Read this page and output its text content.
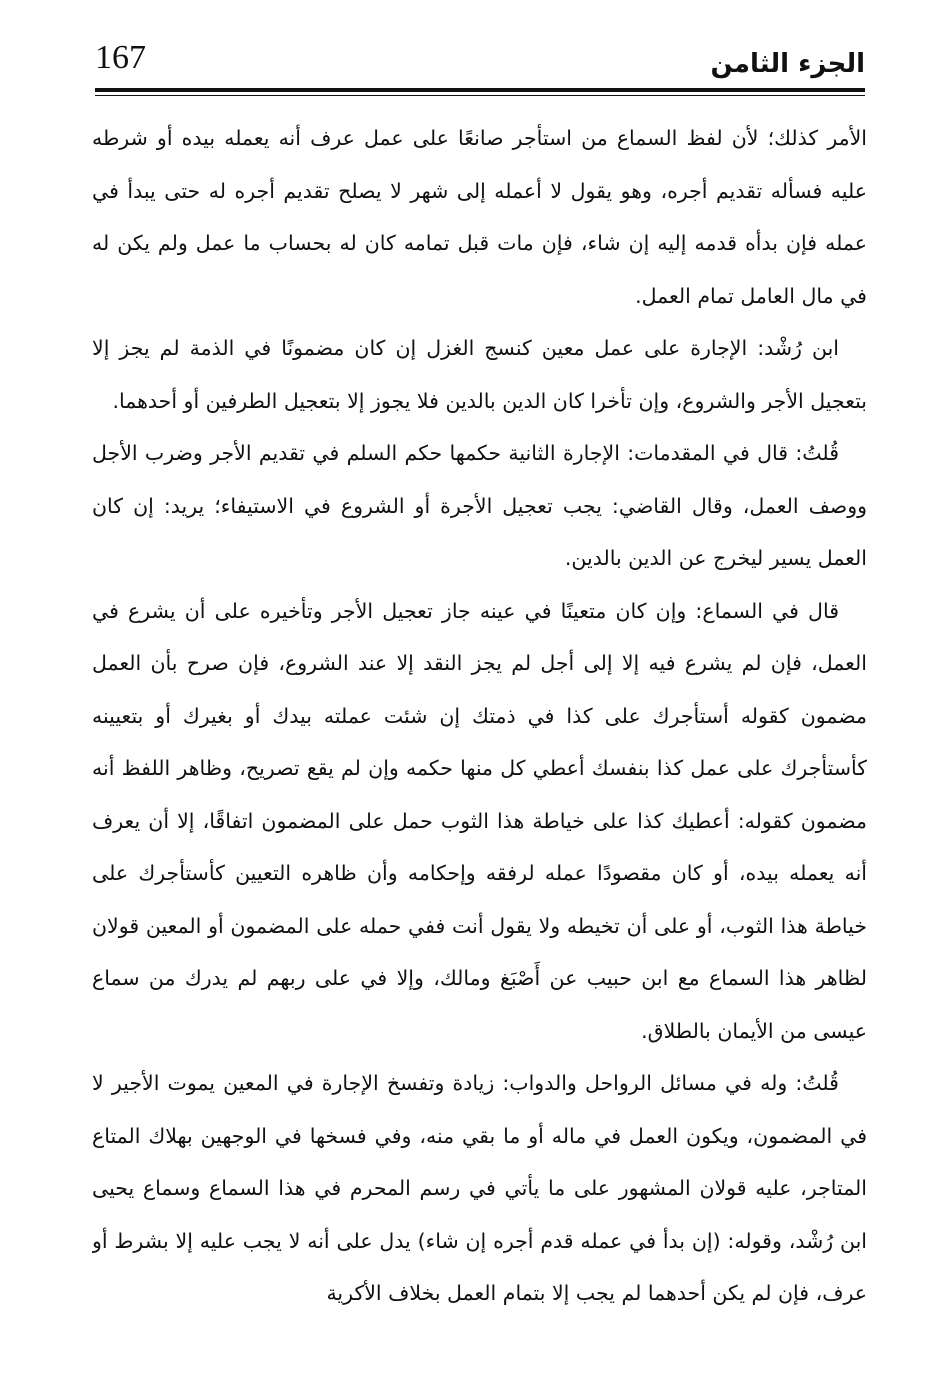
167	الجزء الثامن

الأمر كذلك؛ لأن لفظ السماع من استأجر صانعًا على عمل عرف أنه يعمله بيده أو شرطه عليه فسأله تقديم أجره، وهو يقول لا أعمله إلى شهر لا يصلح تقديم أجره له حتى يبدأ في عمله فإن بدأه قدمه إليه إن شاء، فإن مات قبل تمامه كان له بحساب ما عمل ولم يكن له في مال العامل تمام العمل.

ابن رُشْد: الإجارة على عمل معين كنسج الغزل إن كان مضمونًا في الذمة لم يجز إلا بتعجيل الأجر والشروع، وإن تأخرا كان الدين بالدين فلا يجوز إلا بتعجيل الطرفين أو أحدهما.

قُلتُ: قال في المقدمات: الإجارة الثانية حكمها حكم السلم في تقديم الأجر وضرب الأجل ووصف العمل، وقال القاضي: يجب تعجيل الأجرة أو الشروع في الاستيفاء؛ يريد: إن كان العمل يسير ليخرج عن الدين بالدين.

قال في السماع: وإن كان متعينًا في عينه جاز تعجيل الأجر وتأخيره على أن يشرع في العمل، فإن لم يشرع فيه إلا إلى أجل لم يجز النقد إلا عند الشروع، فإن صرح بأن العمل مضمون كقوله أستأجرك على كذا في ذمتك إن شئت عملته بيدك أو بغيرك أو بتعيينه كأستأجرك على عمل كذا بنفسك أعطي كل منها حكمه وإن لم يقع تصريح، وظاهر اللفظ أنه مضمون كقوله: أعطيك كذا على خياطة هذا الثوب حمل على المضمون اتفاقًا، إلا أن يعرف أنه يعمله بيده، أو كان مقصودًا عمله لرفقه وإحكامه وأن ظاهره التعيين كأستأجرك على خياطة هذا الثوب، أو على أن تخيطه ولا يقول أنت ففي حمله على المضمون أو المعين قولان لظاهر هذا السماع مع ابن حبيب عن أَصْبَغ ومالك، وإلا في على ربهم لم يدرك من سماع عيسى من الأيمان بالطلاق.

قُلتُ: وله في مسائل الرواحل والدواب: زيادة وتفسخ الإجارة في المعين يموت الأجير لا في المضمون، ويكون العمل في ماله أو ما بقي منه، وفي فسخها في الوجهين بهلاك المتاع المتاجر، عليه قولان المشهور على ما يأتي في رسم المحرم في هذا السماع وسماع يحيى ابن رُشْد، وقوله: (إن بدأ في عمله قدم أجره إن شاء) يدل على أنه لا يجب عليه إلا بشرط أو عرف، فإن لم يكن أحدهما لم يجب إلا بتمام العمل بخلاف الأكرية
